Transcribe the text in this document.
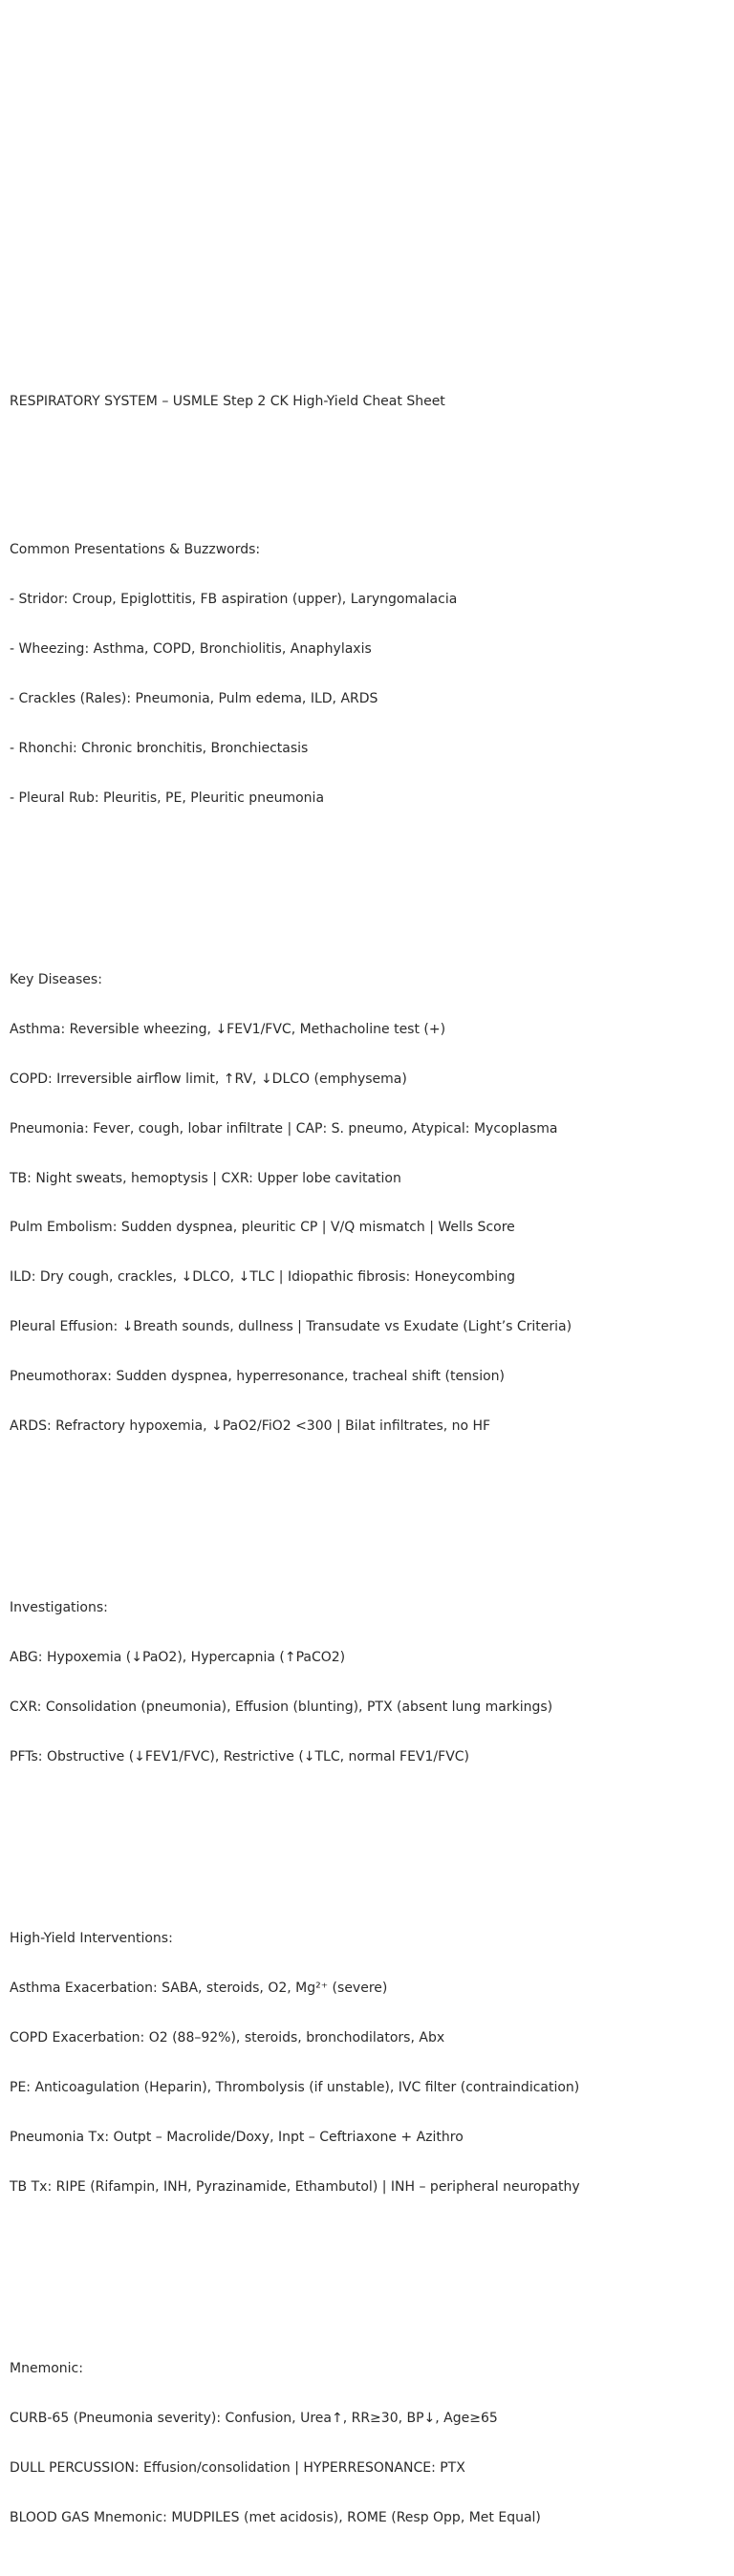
RESPIRATORY SYSTEM – USMLE Step 2 CK High-Yield Cheat Sheet

Common Presentations & Buzzwords:

- Stridor: Croup, Epiglottitis, FB aspiration (upper), Laryngomalacia

- Wheezing: Asthma, COPD, Bronchiolitis, Anaphylaxis

- Crackles (Rales): Pneumonia, Pulm edema, ILD, ARDS

- Rhonchi: Chronic bronchitis, Bronchiectasis

- Pleural Rub: Pleuritis, PE, Pleuritic pneumonia

Key Diseases:

Asthma: Reversible wheezing, ↓FEV1/FVC, Methacholine test (+)

COPD: Irreversible airflow limit, ↑RV, ↓DLCO (emphysema)

Pneumonia: Fever, cough, lobar infiltrate | CAP: S. pneumo, Atypical: Mycoplasma

TB: Night sweats, hemoptysis | CXR: Upper lobe cavitation

Pulm Embolism: Sudden dyspnea, pleuritic CP | V/Q mismatch | Wells Score

ILD: Dry cough, crackles, ↓DLCO, ↓TLC | Idiopathic fibrosis: Honeycombing

Pleural Effusion: ↓Breath sounds, dullness | Transudate vs Exudate (Light’s Criteria)

Pneumothorax: Sudden dyspnea, hyperresonance, tracheal shift (tension)

ARDS: Refractory hypoxemia, ↓PaO2/FiO2 <300 | Bilat infiltrates, no HF

Investigations:

ABG: Hypoxemia (↓PaO2), Hypercapnia (↑PaCO2)

CXR: Consolidation (pneumonia), Effusion (blunting), PTX (absent lung markings)

PFTs: Obstructive (↓FEV1/FVC), Restrictive (↓TLC, normal FEV1/FVC)

High-Yield Interventions:

Asthma Exacerbation: SABA, steroids, O2, Mg²⁺ (severe)

COPD Exacerbation: O2 (88–92%), steroids, bronchodilators, Abx

PE: Anticoagulation (Heparin), Thrombolysis (if unstable), IVC filter (contraindication)

Pneumonia Tx: Outpt – Macrolide/Doxy, Inpt – Ceftriaxone + Azithro

TB Tx: RIPE (Rifampin, INH, Pyrazinamide, Ethambutol) | INH – peripheral neuropathy

Mnemonic:

CURB-65 (Pneumonia severity): Confusion, Urea↑, RR≥30, BP↓, Age≥65

DULL PERCUSSION: Effusion/consolidation | HYPERRESONANCE: PTX

BLOOD GAS Mnemonic: MUDPILES (met acidosis), ROME (Resp Opp, Met Equal)
